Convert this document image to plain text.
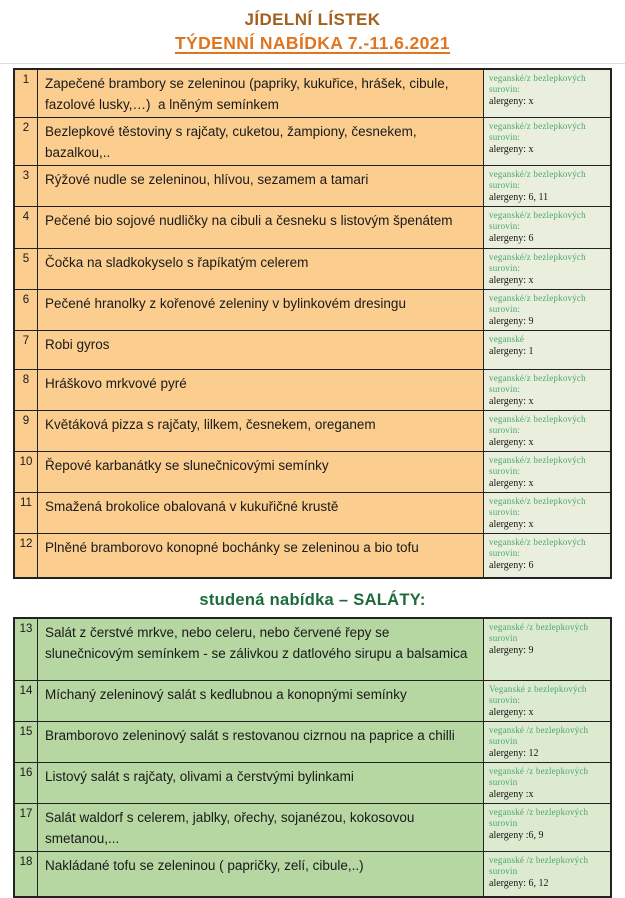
JÍDELNÍ LÍSTEK
TÝDENNÍ NABÍDKA 7.-11.6.2021
1	Zapečené brambory se zeleninou (papriky, kukuřice, hrášek, cibule, fazolové lusky,…)  a lněným semínkem
veganské/z bezlepkových surovin:
alergeny: x
2	Bezlepkové těstoviny s rajčaty, cuketou, žampiony, česnekem, bazalkou,..
veganské/z bezlepkových surovin:
alergeny: x
3	Rýžové nudle se zeleninou, hlívou, sezamem a tamari	veganské/z bezlepkových surovin:
alergeny: 6, 11
4	Pečené bio sojové nudličky na cibuli a česneku s listovým špenátem	veganské/z bezlepkových surovin:
alergeny: 6
5	Čočka na sladkokyselo s řapíkatým celerem	veganské/z bezlepkových surovin:
alergeny: x
6	Pečené hranolky z kořenové zeleniny v bylinkovém dresingu	veganské/z bezlepkových surovin:
alergeny: 9
7	Robi gyros	veganské
alergeny: 1
8	Hráškovo mrkvové pyré	veganské/z bezlepkových surovin:
alergeny: x
9	Květáková pizza s rajčaty, lilkem, česnekem, oreganem	veganské/z bezlepkových surovin:
alergeny: x
10 Řepové karbanátky se slunečnicovými semínky	veganské/z bezlepkových surovin:
alergeny: x
11 Smažená brokolice obalovaná v kukuřičné krustě	veganské/z bezlepkových surovin:
alergeny: x
12 Plněné bramborovo konopné bochánky se zeleninou a bio tofu	veganské/z bezlepkových surovin:
alergeny: 6
studená nabídka – SALÁTY:
13 Salát z čerstvé mrkve, nebo celeru, nebo červené řepy se slunečnicovým semínkem - se zálivkou z datlového sirupu a balsamica
veganské /z bezlepkových surovin
alergeny: 9
14 Míchaný zeleninový salát s kedlubnou a konopnými semínky	Veganské z bezlepkových surovin:
alergeny: x
15 Bramborovo zeleninový salát s restovanou cizrnou na paprice a chilli	veganské /z bezlepkových surovin
alergeny: 12
16 Listový salát s rajčaty, olivami a čerstvými bylinkami	veganské /z bezlepkových surovin
alergeny :x
17 Salát waldorf s celerem, jablky, ořechy, sojanézou, kokosovou smetanou,...
veganské /z bezlepkových surovin
alergeny :6, 9
18 Nakládané tofu se zeleninou ( papričky, zelí, cibule,..)	veganské /z bezlepkových surovin
alergeny: 6, 12
